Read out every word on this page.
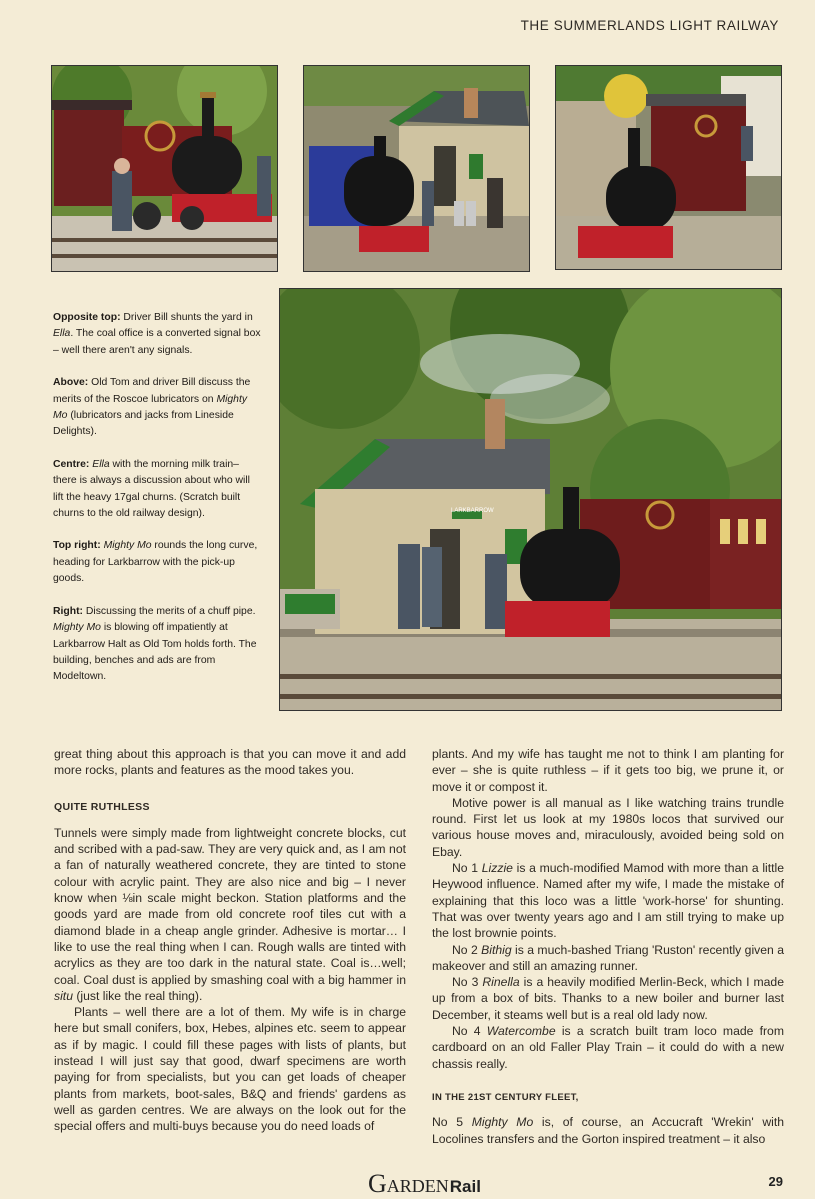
THE SUMMERLANDS LIGHT RAILWAY
LARKBARROW

Opposite top: Driver Bill shunts the yard in Ella. The coal office is a converted signal box – well there aren't any signals.

Above: Old Tom and driver Bill discuss the merits of the Roscoe lubricators on Mighty Mo (lubricators and jacks from Lineside Delights).

Centre: Ella with the morning milk train– there is always a discussion about who will lift the heavy 17gal churns. (Scratch built churns to the old railway design).

Top right: Mighty Mo rounds the long curve, heading for Larkbarrow with the pick-up goods.

Right: Discussing the merits of a chuff pipe. Mighty Mo is blowing off impatiently at Larkbarrow Halt as Old Tom holds forth. The building, benches and ads are from Modeltown.

great thing about this approach is that you can move it and add more rocks, plants and features as the mood takes you.

QUITE RUTHLESS

Tunnels were simply made from lightweight concrete blocks, cut and scribed with a pad-saw. They are very quick and, as I am not a fan of naturally weathered concrete, they are tinted to stone colour with acrylic paint. They are also nice and big – I never know when ⅛in scale might beckon. Station platforms and the goods yard are made from old concrete roof tiles cut with a diamond blade in a cheap angle grinder. Adhesive is mortar… I like to use the real thing when I can. Rough walls are tinted with acrylics as they are too dark in the natural state. Coal is…well; coal. Coal dust is applied by smashing coal with a big hammer in situ (just like the real thing).

Plants – well there are a lot of them. My wife is in charge here but small conifers, box, Hebes, alpines etc. seem to appear as if by magic. I could fill these pages with lists of plants, but instead I will just say that good, dwarf specimens are worth paying for from specialists, but you can get loads of cheaper plants from markets, boot-sales, B&Q and friends' gardens as well as garden centres. We are always on the look out for the special offers and multi-buys because you do need loads of

plants. And my wife has taught me not to think I am planting for ever – she is quite ruthless – if it gets too big, we prune it, or move it or compost it.

Motive power is all manual as I like watching trains trundle round. First let us look at my 1980s locos that survived our various house moves and, miraculously, avoided being sold on Ebay.

No 1 Lizzie is a much-modified Mamod with more than a little Heywood influence. Named after my wife, I made the mistake of explaining that this loco was a little 'work-horse' for shunting. That was over twenty years ago and I am still trying to make up the lost brownie points.

No 2 Bithig is a much-bashed Triang 'Ruston' recently given a makeover and still an amazing runner.

No 3 Rinella is a heavily modified Merlin-Beck, which I made up from a box of bits. Thanks to a new boiler and burner last December, it steams well but is a real old lady now.

No 4 Watercombe is a scratch built tram loco made from cardboard on an old Faller Play Train – it could do with a new chassis really.

IN THE 21ST CENTURY FLEET,

No 5 Mighty Mo is, of course, an Accucraft 'Wrekin' with Locolines transfers and the Gorton inspired treatment – it also

GARDENRail	29
